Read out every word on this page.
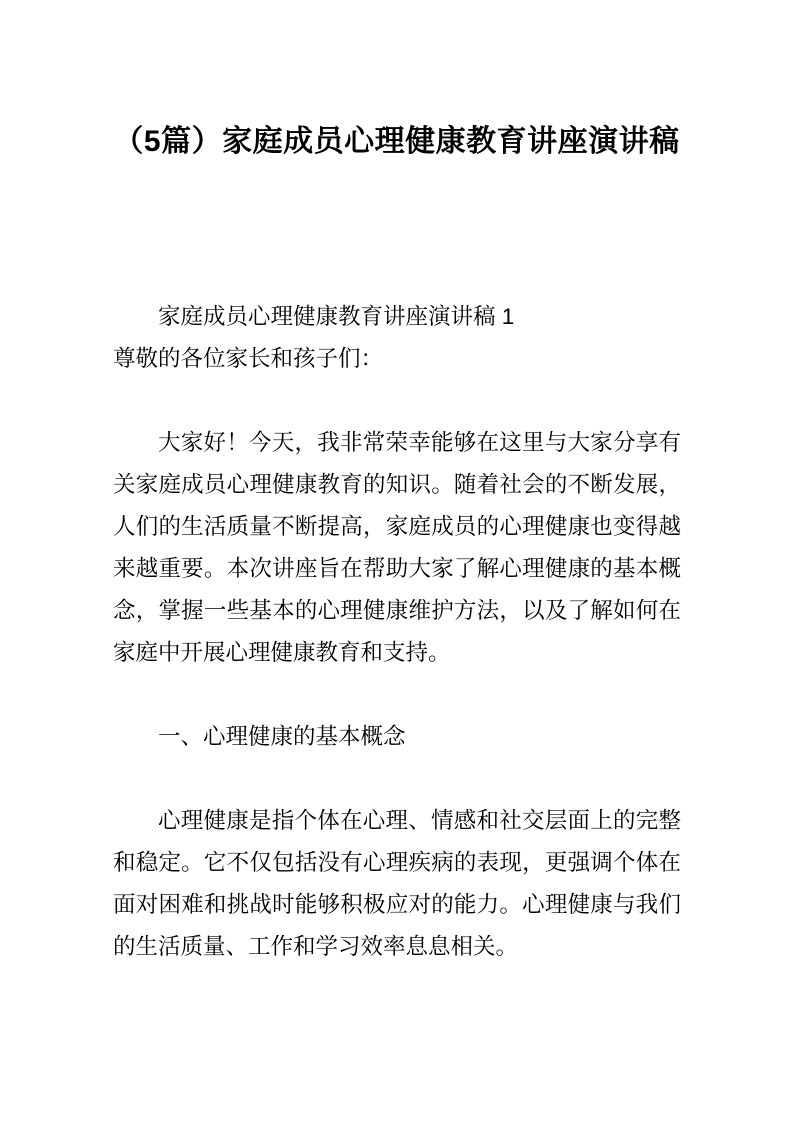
（5篇）家庭成员心理健康教育讲座演讲稿

家庭成员心理健康教育讲座演讲稿 1

尊敬的各位家长和孩子们：

大家好！今天，我非常荣幸能够在这里与大家分享有关家庭成员心理健康教育的知识。随着社会的不断发展，人们的生活质量不断提高，家庭成员的心理健康也变得越来越重要。本次讲座旨在帮助大家了解心理健康的基本概念，掌握一些基本的心理健康维护方法，以及了解如何在家庭中开展心理健康教育和支持。

一、心理健康的基本概念

心理健康是指个体在心理、情感和社交层面上的完整和稳定。它不仅包括没有心理疾病的表现，更强调个体在面对困难和挑战时能够积极应对的能力。心理健康与我们的生活质量、工作和学习效率息息相关。
